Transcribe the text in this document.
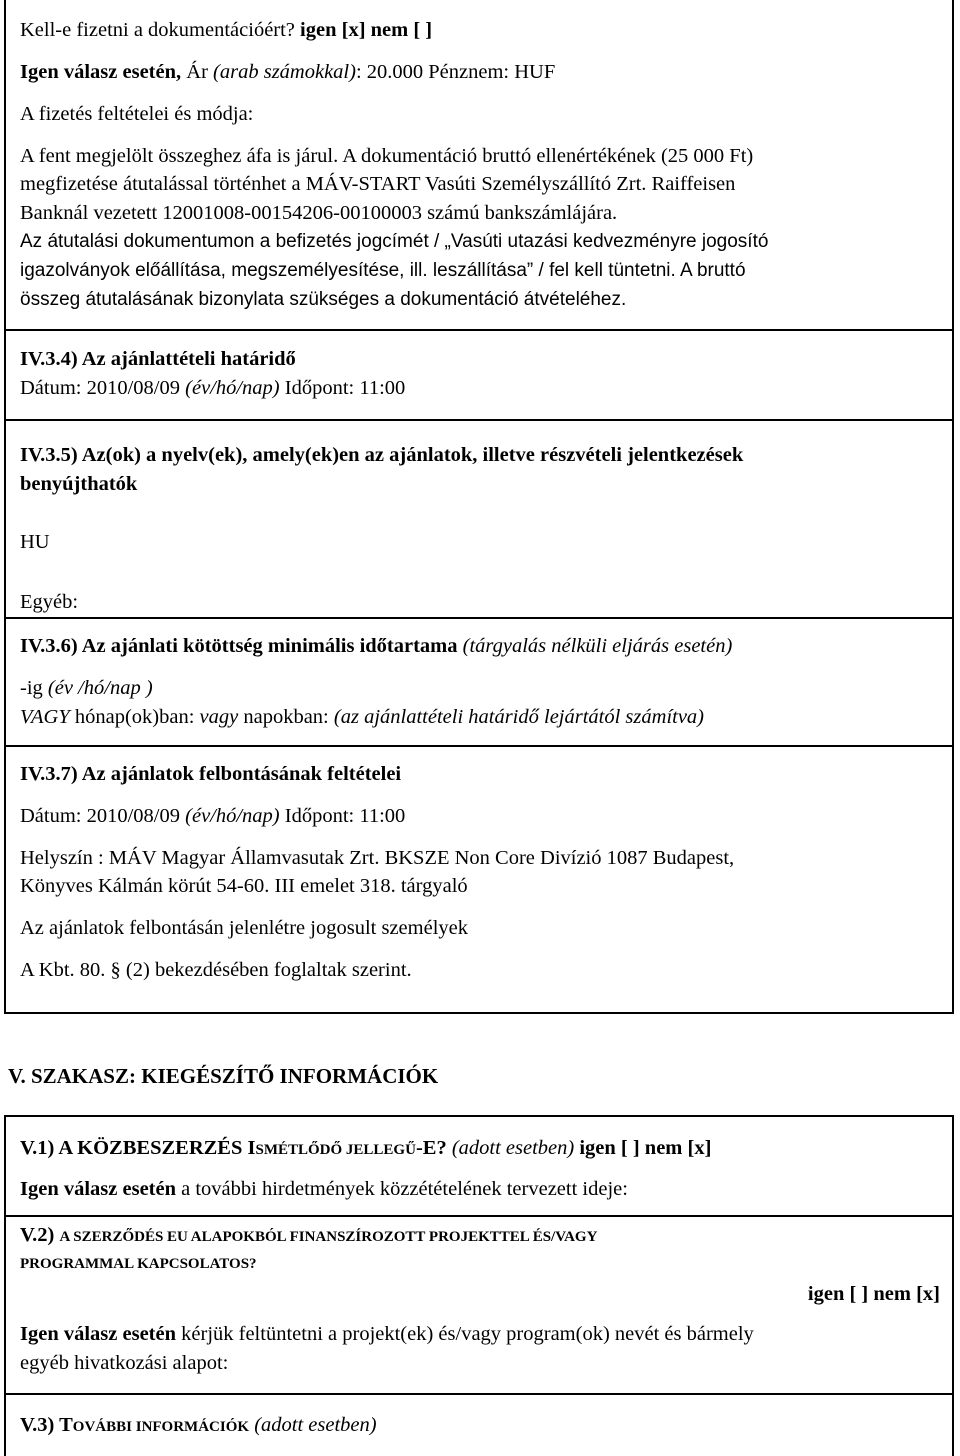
Kell-e fizetni a dokumentációért? igen [x] nem [ ]
Igen válasz esetén, Ár (arab számokkal): 20.000 Pénznem: HUF
A fizetés feltételei és módja:
A fent megjelölt összeghez áfa is járul. A dokumentáció bruttó ellenértékének (25 000 Ft)
megfizetése átutalással történhet a MÁV-START Vasúti Személyszállító Zrt. Raiffeisen
Banknál vezetett 12001008-00154206-00100003 számú bankszámlájára.
Az átutalási dokumentumon a befizetés jogcímét / „Vasúti utazási kedvezményre jogosító
igazolványok előállítása, megszemélyesítése, ill. leszállítása” / fel kell tüntetni. A bruttó
összeg átutalásának bizonylata szükséges a dokumentáció átvételéhez.
IV.3.4) Az ajánlattételi határidő
Dátum: 2010/08/09 (év/hó/nap) Időpont: 11:00
IV.3.5) Az(ok) a nyelv(ek), amely(ek)en az ajánlatok, illetve részvételi jelentkezések
benyújthatók
HU
Egyéb:
IV.3.6) Az ajánlati kötöttség minimális időtartama (tárgyalás nélküli eljárás esetén)
-ig (év /hó/nap )
VAGY hónap(ok)ban: vagy napokban: (az ajánlattételi határidő lejártától számítva)
IV.3.7) Az ajánlatok felbontásának feltételei
Dátum: 2010/08/09 (év/hó/nap) Időpont: 11:00
Helyszín : MÁV Magyar Államvasutak Zrt. BKSZE Non Core Divízió 1087 Budapest,
Könyves Kálmán körút 54-60. III emelet 318. tárgyaló
Az ajánlatok felbontásán jelenlétre jogosult személyek
A Kbt. 80. § (2) bekezdésében foglaltak szerint.
V. SZAKASZ: KIEGÉSZÍTŐ INFORMÁCIÓK
V.1) A KÖZBESZERZÉS ISMÉTLŐDŐ JELLEGŰ-E? (adott esetben) igen [ ] nem [x]
Igen válasz esetén a további hirdetmények közzétételének tervezett ideje:
V.2) A SZERZŐDÉS EU ALAPOKBÓL FINANSZÍROZOTT PROJEKTTEL ÉS/VAGY
PROGRAMMAL KAPCSOLATOS?
igen [ ] nem [x]
Igen válasz esetén kérjük feltüntetni a projekt(ek) és/vagy program(ok) nevét és bármely
egyéb hivatkozási alapot:
V.3) TOVÁBBI INFORMÁCIÓK (adott esetben)
